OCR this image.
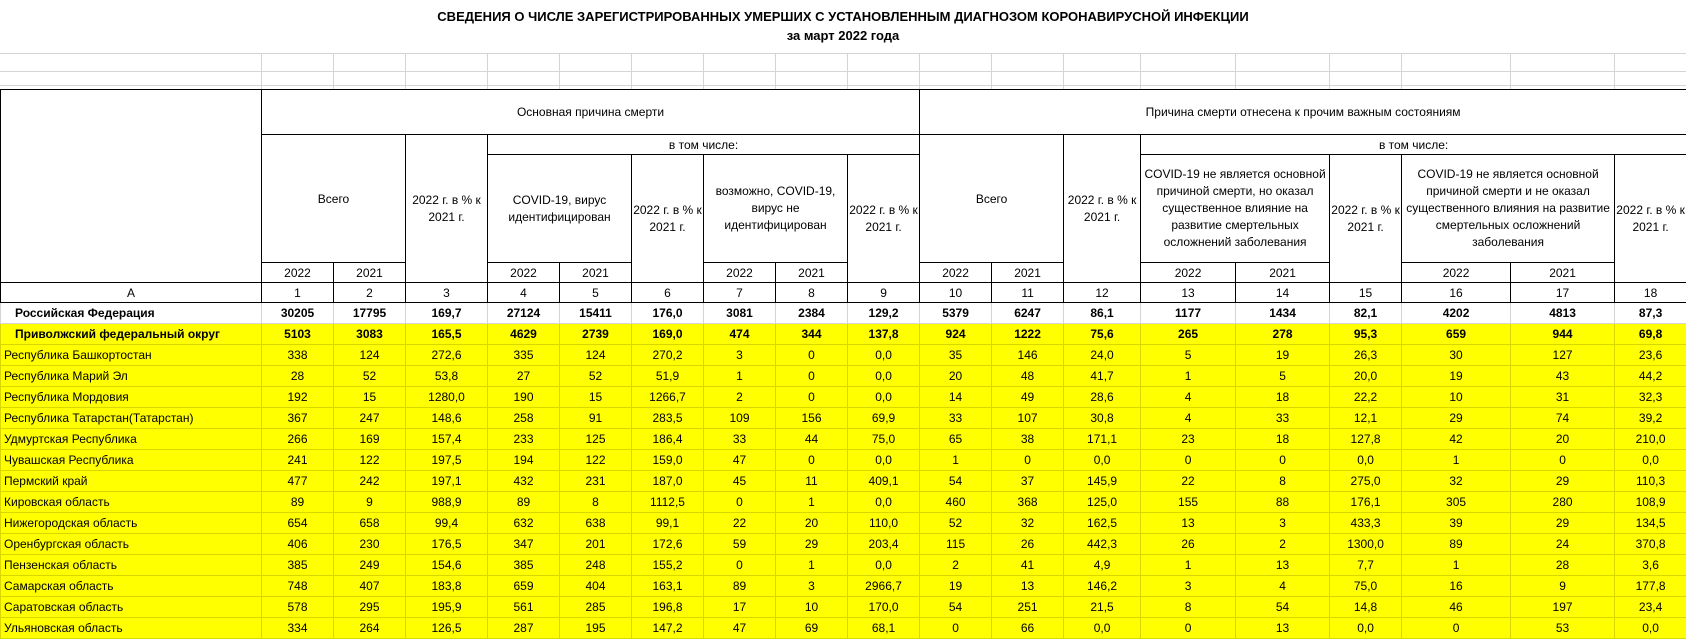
СВЕДЕНИЯ О ЧИСЛЕ ЗАРЕГИСТРИРОВАННЫХ УМЕРШИХ С УСТАНОВЛЕННЫМ ДИАГНОЗОМ КОРОНАВИРУСНОЙ ИНФЕКЦИИ
за март 2022 года
	Основная причина смерти									Причина смерти отнесена к прочим важным состояниям								
	Всего		2022 г. в % к 2021 г.	в том числе:						Всего		2022 г. в % к 2021 г.	в том числе:					
				COVID-19, вирус идентифицирован		2022 г. в % к 2021 г.	возможно, COVID-19, вирус не идентифицирован		2022 г. в % к 2021 г.				COVID-19 не является основной причиной смерти, но оказал существенное влияние на развитие смертельных осложнений заболевания		2022 г. в % к 2021 г.	COVID-19 не является основной причиной смерти и не оказал существенного влияния на развитие смертельных осложнений заболевания		2022 г. в % к 2021 г.
	2022	2021		2022	2021		2022	2021		2022	2021		2022	2021		2022	2021	
А	1	2	3	4	5	6	7	8	9	10	11	12	13	14	15	16	17	18
Российская Федерация	30205	17795	169,7	27124	15411	176,0	3081	2384	129,2	5379	6247	86,1	1177	1434	82,1	4202	4813	87,3
Приволжский федеральный округ	5103	3083	165,5	4629	2739	169,0	474	344	137,8	924	1222	75,6	265	278	95,3	659	944	69,8
Республика Башкортостан	338	124	272,6	335	124	270,2	3	0	0,0	35	146	24,0	5	19	26,3	30	127	23,6
Республика Марий Эл	28	52	53,8	27	52	51,9	1	0	0,0	20	48	41,7	1	5	20,0	19	43	44,2
Республика Мордовия	192	15	1280,0	190	15	1266,7	2	0	0,0	14	49	28,6	4	18	22,2	10	31	32,3
Республика Татарстан(Татарстан)	367	247	148,6	258	91	283,5	109	156	69,9	33	107	30,8	4	33	12,1	29	74	39,2
Удмуртская Республика	266	169	157,4	233	125	186,4	33	44	75,0	65	38	171,1	23	18	127,8	42	20	210,0
Чувашская Республика	241	122	197,5	194	122	159,0	47	0	0,0	1	0	0,0	0	0	0,0	1	0	0,0
Пермский край	477	242	197,1	432	231	187,0	45	11	409,1	54	37	145,9	22	8	275,0	32	29	110,3
Кировская область	89	9	988,9	89	8	1112,5	0	1	0,0	460	368	125,0	155	88	176,1	305	280	108,9
Нижегородская область	654	658	99,4	632	638	99,1	22	20	110,0	52	32	162,5	13	3	433,3	39	29	134,5
Оренбургская область	406	230	176,5	347	201	172,6	59	29	203,4	115	26	442,3	26	2	1300,0	89	24	370,8
Пензенская область	385	249	154,6	385	248	155,2	0	1	0,0	2	41	4,9	1	13	7,7	1	28	3,6
Самарская область	748	407	183,8	659	404	163,1	89	3	2966,7	19	13	146,2	3	4	75,0	16	9	177,8
Саратовская область	578	295	195,9	561	285	196,8	17	10	170,0	54	251	21,5	8	54	14,8	46	197	23,4
Ульяновская область	334	264	126,5	287	195	147,2	47	69	68,1	0	66	0,0	0	13	0,0	0	53	0,0
